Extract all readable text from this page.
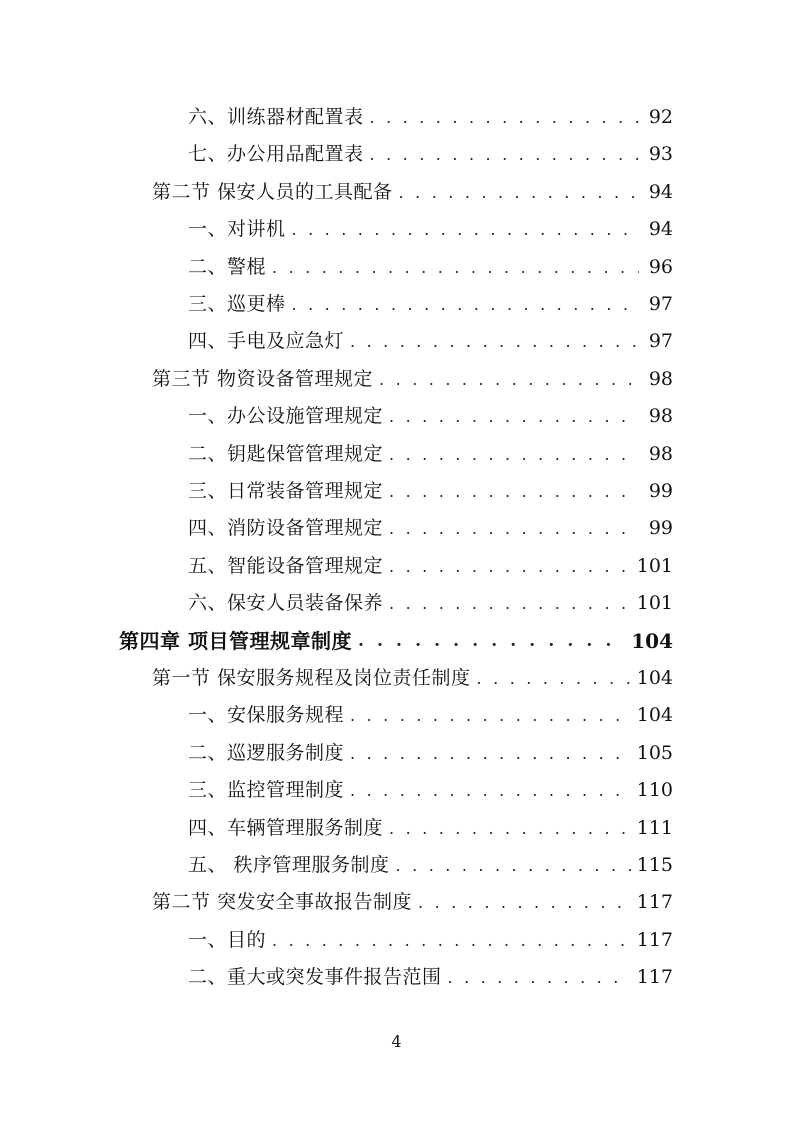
六、训练器材配置表 . . .	92
七、办公用品配置表 . . .	93
第二节 保安人员的工具配备 . . .	94
一、对讲机 . . .	94
二、警棍 . . .	96
三、巡更棒 . . .	97
四、手电及应急灯 . . .	97
第三节 物资设备管理规定 . . .	98
一、办公设施管理规定 . . .	98
二、钥匙保管管理规定 . . .	98
三、日常装备管理规定 . . .	99
四、消防设备管理规定 . . .	99
五、智能设备管理规定 . . .	101
六、保安人员装备保养 . . .	101
第四章 项目管理规章制度 . . .	104
第一节 保安服务规程及岗位责任制度 . . .	104
一、安保服务规程 . . .	104
二、巡逻服务制度 . . .	105
三、监控管理制度 . . .	110
四、车辆管理服务制度 . . .	111
五、 秩序管理服务制度 . . .	115
第二节 突发安全事故报告制度 . . .	117
一、目的 . . .	117
二、重大或突发事件报告范围 . . .	117
4
